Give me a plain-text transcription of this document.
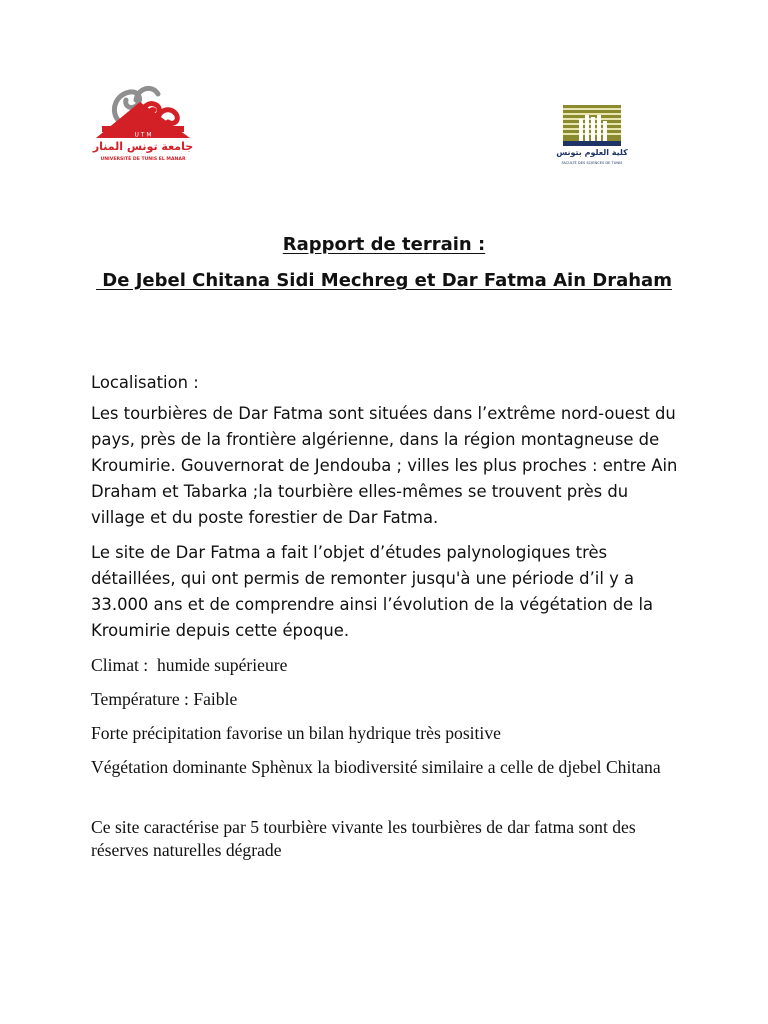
U T M
جامعة تونس المنار
UNIVERSITÉ DE TUNIS EL MANAR
كلية العلوم بتونس
FACULTÉ DES SCIENCES DE TUNIS
Rapport de terrain :
De Jebel Chitana Sidi Mechreg et Dar Fatma Ain Draham

Localisation :

Les tourbières de Dar Fatma sont situées dans l’extrême nord-ouest du pays, près de la frontière algérienne, dans la région montagneuse de Kroumirie. Gouvernorat de Jendouba ; villes les plus proches : entre Ain Draham et Tabarka ;la tourbière elles-mêmes se trouvent près du village et du poste forestier de Dar Fatma.

Le site de Dar Fatma a fait l’objet d’études palynologiques très détaillées, qui ont permis de remonter jusqu'à une période d’il y a 33.000 ans et de comprendre ainsi l’évolution de la végétation de la Kroumirie depuis cette époque.

Climat :  humide supérieure

Température : Faible

Forte précipitation favorise un bilan hydrique très positive

Végétation dominante Sphènux la biodiversité similaire a celle de djebel Chitana

Ce site caractérise par 5 tourbière vivante les tourbières de dar fatma sont des réserves naturelles dégrade
